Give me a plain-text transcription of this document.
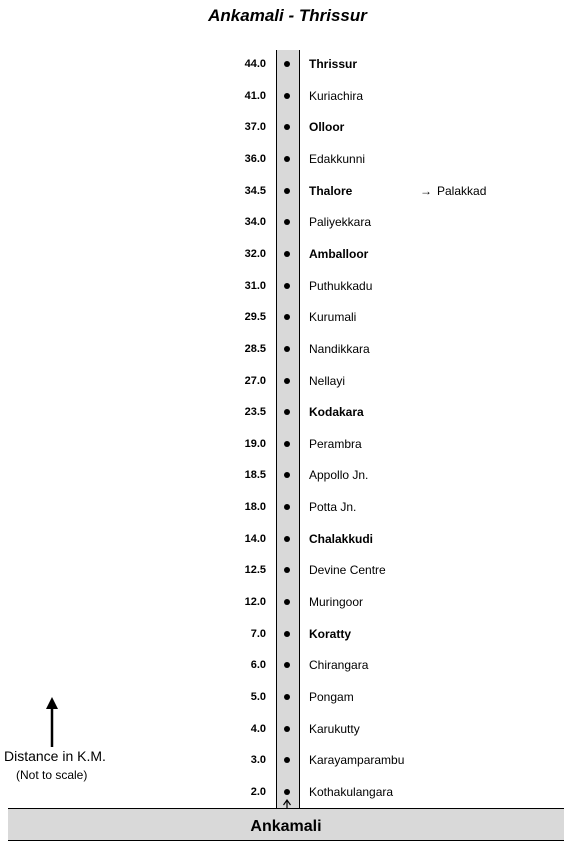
Ankamali - Thrissur
44.0	Thrissur
41.0	Kuriachira
37.0	Olloor
36.0	Edakkunni
34.5	Thalore	→ Palakkad
34.0	Paliyekkara
32.0	Amballoor
31.0	Puthukkadu
29.5	Kurumali
28.5	Nandikkara
27.0	Nellayi
23.5	Kodakara
19.0	Perambra
18.5	Appollo Jn.
18.0	Potta Jn.
14.0	Chalakkudi
12.5	Devine Centre
12.0	Muringoor
7.0	Koratty
6.0	Chirangara
5.0	Pongam
4.0	Karukutty
3.0	Karayamparambu
2.0	Kothakulangara
Ankamali
Distance in K.M.
(Not to scale)
